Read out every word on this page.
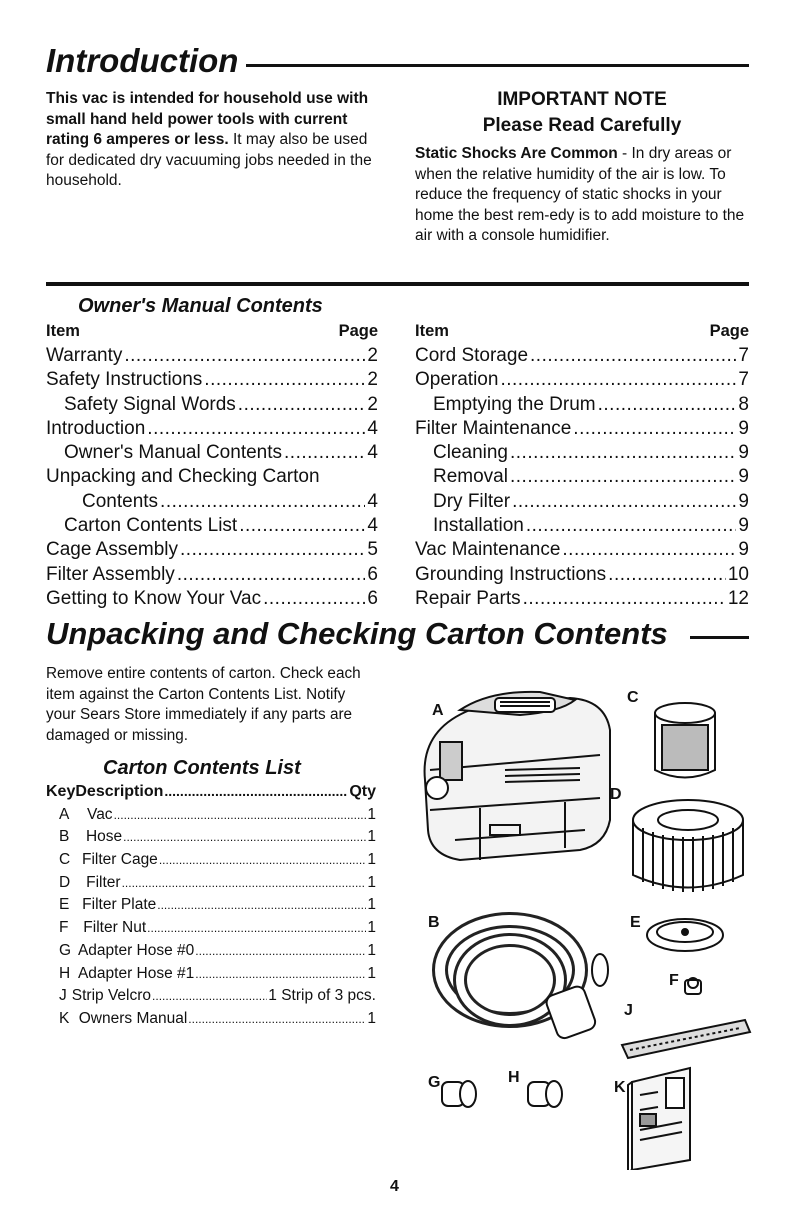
Introduction
This vac is intended for household use with small hand held power tools with current rating 6 amperes or less. It may also be used for dedicated dry vacuuming jobs needed in the household.
IMPORTANT NOTE
Please Read Carefully
Static Shocks Are Common - In dry areas or when the relative humidity of the air is low. To reduce the frequency of static shocks in your home the best rem-edy is to add moisture to the air with a console humidifier.
Owner's Manual Contents
Item	Page
Warranty .....	2
Safety Instructions .....	2
Safety Signal Words .....	2
Introduction .....	4
Owner's Manual Contents .....	4
Unpacking and Checking Carton
Contents .....	4
Carton Contents List .....	4
Cage Assembly .....	5
Filter Assembly .....	6
Getting to Know Your Vac .....	6
Item	Page
Cord Storage .....	7
Operation .....	7
Emptying the Drum .....	8
Filter Maintenance .....	9
Cleaning .....	9
Removal .....	9
Dry Filter .....	9
Installation .....	9
Vac Maintenance .....	9
Grounding Instructions .....	10
Repair Parts .....	12
Unpacking and Checking Carton Contents
Remove entire contents of carton. Check each item against the Carton Contents List. Notify your Sears Store immediately if any parts are damaged or missing.
Carton Contents List
Key Description .....	Qty
A	Vac .....	1
B	Hose .....	1
C Filter Cage .....	1
D	Filter .....	1
E Filter Plate .....	1
F Filter Nut .....	1
G Adapter Hose #0 .....	1
H Adapter Hose #1 .....	1
J Strip Velcro .....	1 Strip of 3 pcs.
K Owners Manual .....	1
A
C
D
B	E
F
J
G	H
K
4
